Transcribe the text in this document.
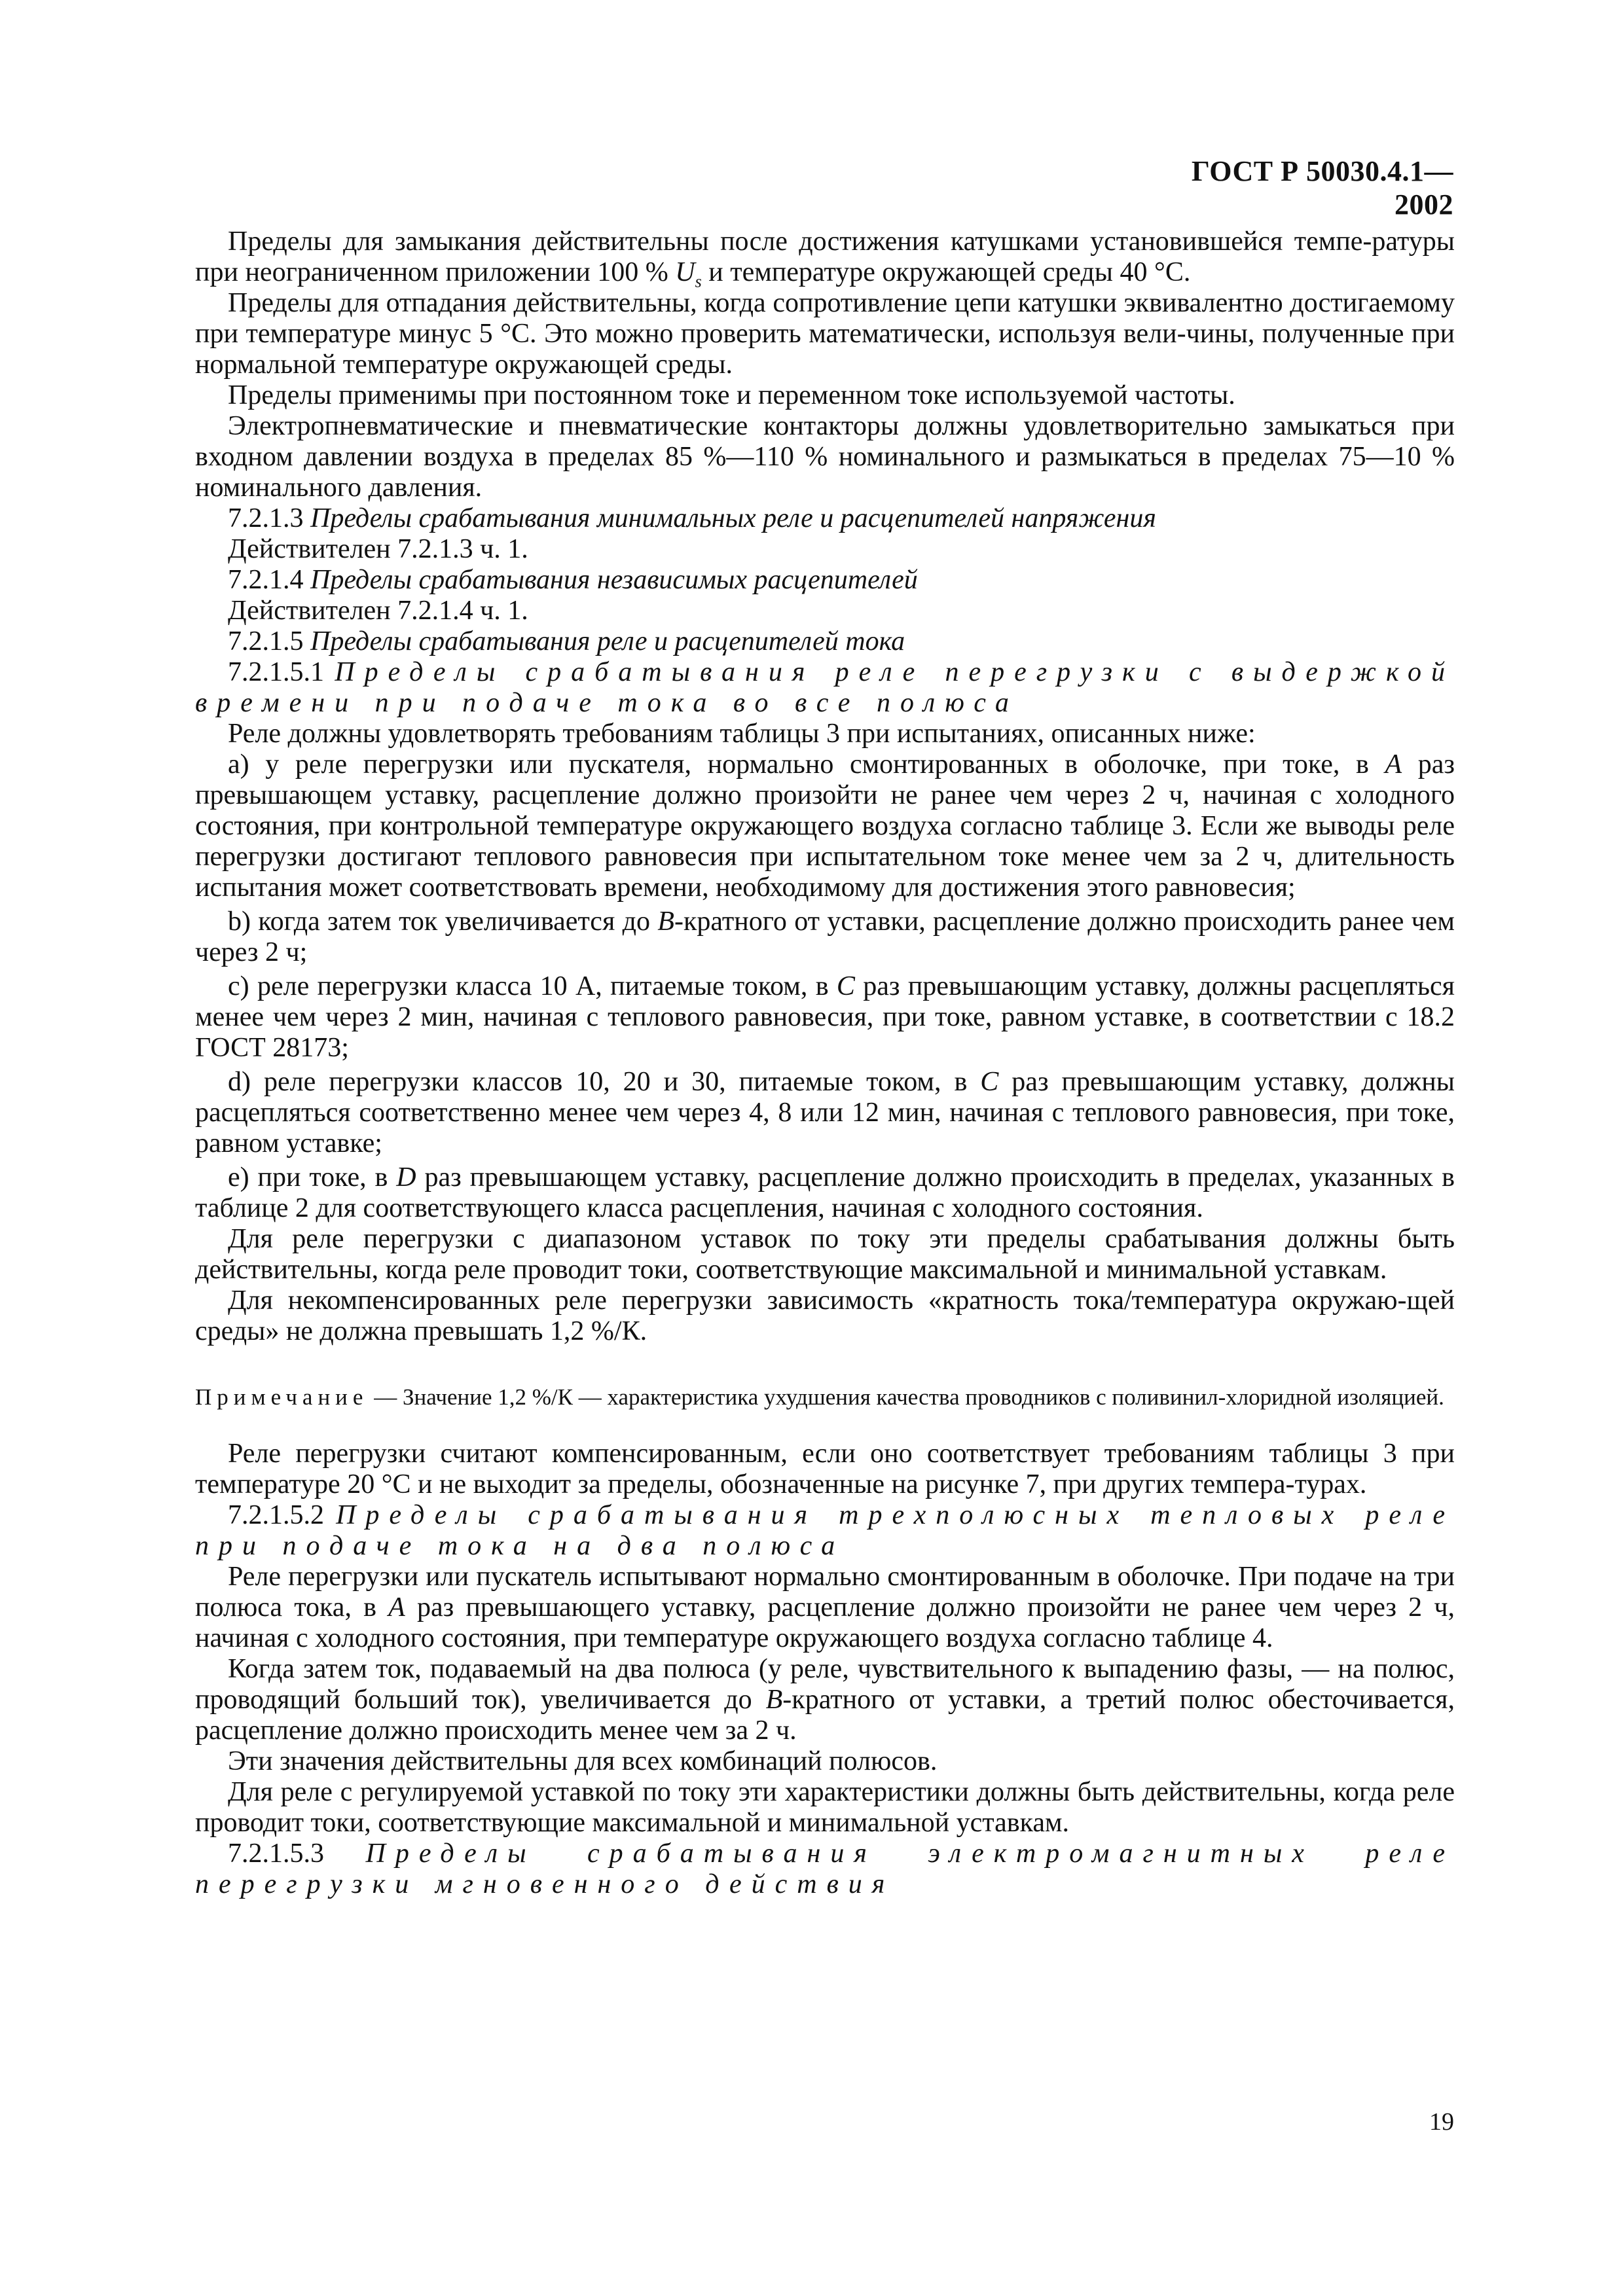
ГОСТ Р 50030.4.1—2002

Пределы для замыкания действительны после достижения катушками установившейся темпе-ратуры при неограниченном приложении 100 % $U_s$ и температуре окружающей среды 40 °С.

Пределы для отпадания действительны, когда сопротивление цепи катушки эквивалентно достигаемому при температуре минус 5 °С. Это можно проверить математически, используя вели-чины, полученные при нормальной температуре окружающей среды.

Пределы применимы при постоянном токе и переменном токе используемой частоты.

Электропневматические и пневматические контакторы должны удовлетворительно замыкаться при входном давлении воздуха в пределах 85 %—110 % номинального и размыкаться в пределах 75—10 % номинального давления.

7.2.1.3 Пределы срабатывания минимальных реле и расцепителей напряжения

Действителен 7.2.1.3 ч. 1.

7.2.1.4 Пределы срабатывания независимых расцепителей

Действителен 7.2.1.4 ч. 1.

7.2.1.5 Пределы срабатывания реле и расцепителей тока

7.2.1.5.1 Пределы срабатывания реле перегрузки с выдержкой времени при подаче тока во все полюса

Реле должны удовлетворять требованиям таблицы 3 при испытаниях, описанных ниже:

а) у реле перегрузки или пускателя, нормально смонтированных в оболочке, при токе, в А раз превышающем уставку, расцепление должно произойти не ранее чем через 2 ч, начиная с холодного состояния, при контрольной температуре окружающего воздуха согласно таблице 3. Если же выводы реле перегрузки достигают теплового равновесия при испытательном токе менее чем за 2 ч, длительность испытания может соответствовать времени, необходимому для достижения этого равновесия;

b) когда затем ток увеличивается до В-кратного от уставки, расцепление должно происходить ранее чем через 2 ч;

с) реле перегрузки класса 10 А, питаемые током, в С раз превышающим уставку, должны расцепляться менее чем через 2 мин, начиная с теплового равновесия, при токе, равном уставке, в соответствии с 18.2 ГОСТ 28173;

d) реле перегрузки классов 10, 20 и 30, питаемые током, в С раз превышающим уставку, должны расцепляться соответственно менее чем через 4, 8 или 12 мин, начиная с теплового равновесия, при токе, равном уставке;

е) при токе, в D раз превышающем уставку, расцепление должно происходить в пределах, указанных в таблице 2 для соответствующего класса расцепления, начиная с холодного состояния.

Для реле перегрузки с диапазоном уставок по току эти пределы срабатывания должны быть действительны, когда реле проводит токи, соответствующие максимальной и минимальной уставкам.

Для некомпенсированных реле перегрузки зависимость «кратность тока/температура окружаю-щей среды» не должна превышать 1,2 %/К.

Примечание — Значение 1,2 %/К — характеристика ухудшения качества проводников с поливинил-хлоридной изоляцией.

Реле перегрузки считают компенсированным, если оно соответствует требованиям таблицы 3 при температуре 20 °С и не выходит за пределы, обозначенные на рисунке 7, при других темпера-турах.

7.2.1.5.2 Пределы срабатывания трехполюсных тепловых реле при подаче тока на два полюса

Реле перегрузки или пускатель испытывают нормально смонтированным в оболочке. При подаче на три полюса тока, в А раз превышающего уставку, расцепление должно произойти не ранее чем через 2 ч, начиная с холодного состояния, при температуре окружающего воздуха согласно таблице 4.

Когда затем ток, подаваемый на два полюса (у реле, чувствительного к выпадению фазы, — на полюс, проводящий больший ток), увеличивается до В-кратного от уставки, а третий полюс обесточивается, расцепление должно происходить менее чем за 2 ч.

Эти значения действительны для всех комбинаций полюсов.

Для реле с регулируемой уставкой по току эти характеристики должны быть действительны, когда реле проводит токи, соответствующие максимальной и минимальной уставкам.

7.2.1.5.3 Пределы срабатывания электромагнитных реле перегрузки мгновенного действия

19
